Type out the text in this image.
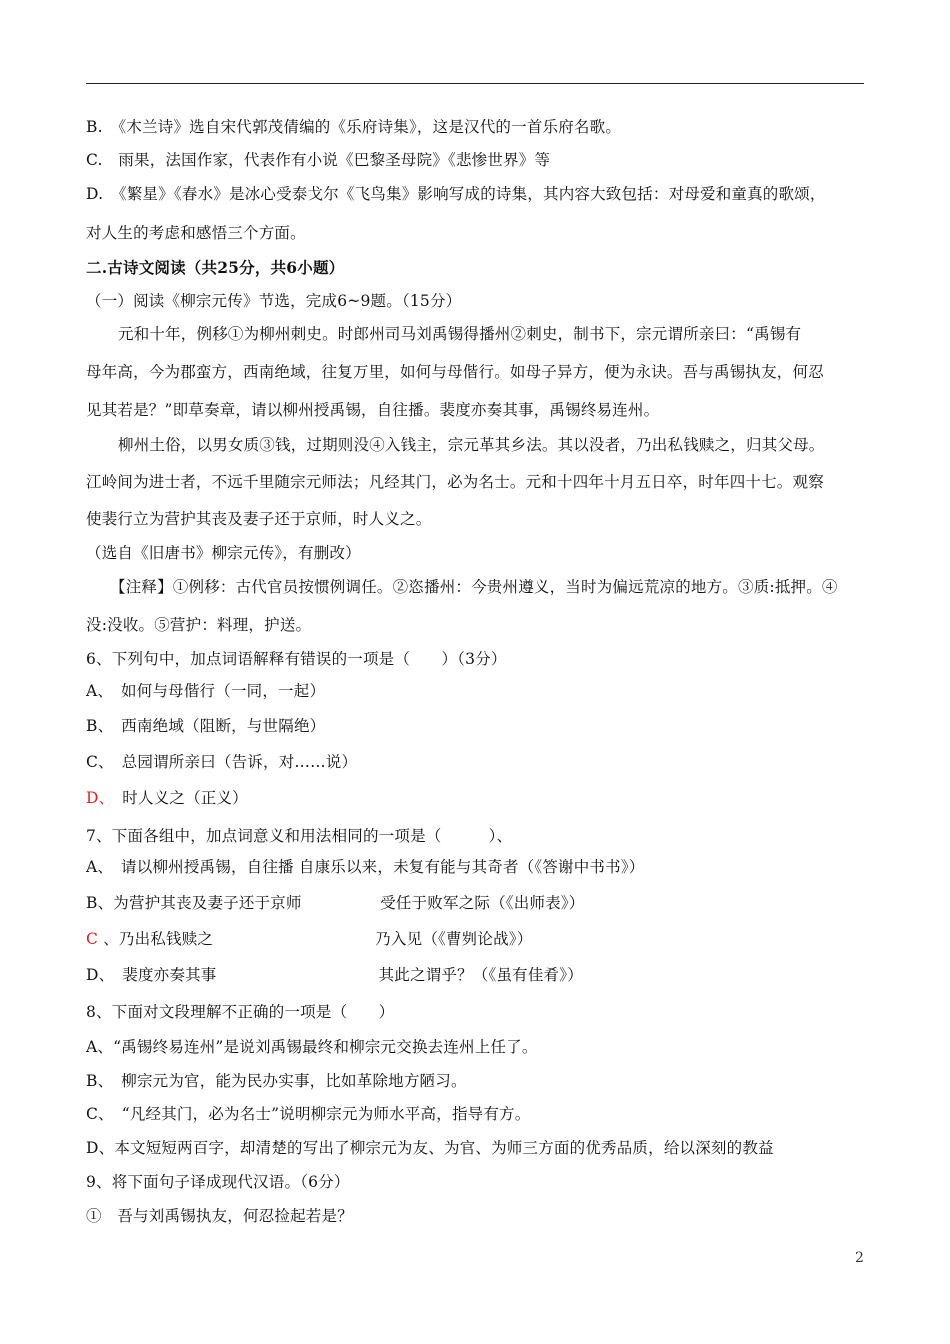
B.　《木兰诗》选自宋代郭茂倩编的《乐府诗集》，这是汉代的一首乐府名歌。
C.　雨果，法国作家，代表作有小说《巴黎圣母院》《悲惨世界》等
D.　《繁星》《春水》是冰心受泰戈尔《飞鸟集》影响写成的诗集，其内容大致包括：对母爱和童真的歌颂，
对人生的考虑和感悟三个方面。
二.古诗文阅读（共25分，共6小题）
（一）阅读《柳宗元传》节选，完成6~9题。（15分）
元和十年，例移①为柳州刺史。时郎州司马刘禹锡得播州②刺史，制书下，宗元谓所亲曰：“禹锡有
母年高，今为郡蛮方，西南绝域，往复万里，如何与母偕行。如母子异方，便为永诀。吾与禹锡执友，何忍
见其若是？”即草奏章，请以柳州授禹锡，自往播。裴度亦奏其事，禹锡终易连州。
柳州土俗，以男女质③钱，过期则没④入钱主，宗元革其乡法。其以没者，乃出私钱赎之，归其父母。
江岭间为进士者，不远千里随宗元师法；凡经其门，必为名士。元和十四年十月五日卒，时年四十七。观察
使裴行立为营护其丧及妻子还于京师，时人义之。
（选自《旧唐书》柳宗元传》，有删改）
【注释】①例移：古代官员按惯例调任。②恣播州：今贵州遵义，当时为偏远荒凉的地方。③质:抵押。④
没:没收。⑤营护：料理，护送。
6、下列句中，加点词语解释有错误的一项是（　　）（3分）
A、　如何与母偕行（一同，一起）
B、　西南绝域（阻断，与世隔绝）
C、　总园谓所亲曰（告诉，对……说）
D、　时人义之（正义）
7、下面各组中，加点词意义和用法相同的一项是（　　　）、
A、　请以柳州授禹锡，自往播 自康乐以来，未复有能与其奇者（《答谢中书书》）
B、为营护其丧及妻子还于京师　　　　　受任于败军之际（《出师表》）
C 、乃出私钱赎之　　　　　　　　　　 乃入见（《曹刿论战》）
D、　裴度亦奏其事　　　　　　　　　　 其此之谓乎？（《虽有佳肴》）
8、下面对文段理解不正确的一项是（　　）
A、“禹锡终易连州”是说刘禹锡最终和柳宗元交换去连州上任了。
B、　柳宗元为官，能为民办实事，比如革除地方陋习。
C、　“凡经其门，必为名士”说明柳宗元为师水平高，指导有方。
D、本文短短两百字，却清楚的写出了柳宗元为友、为官、为师三方面的优秀品质，给以深刻的教益
9、将下面句子译成现代汉语。（6分）
①　吾与刘禹锡执友，何忍捡起若是？
2
